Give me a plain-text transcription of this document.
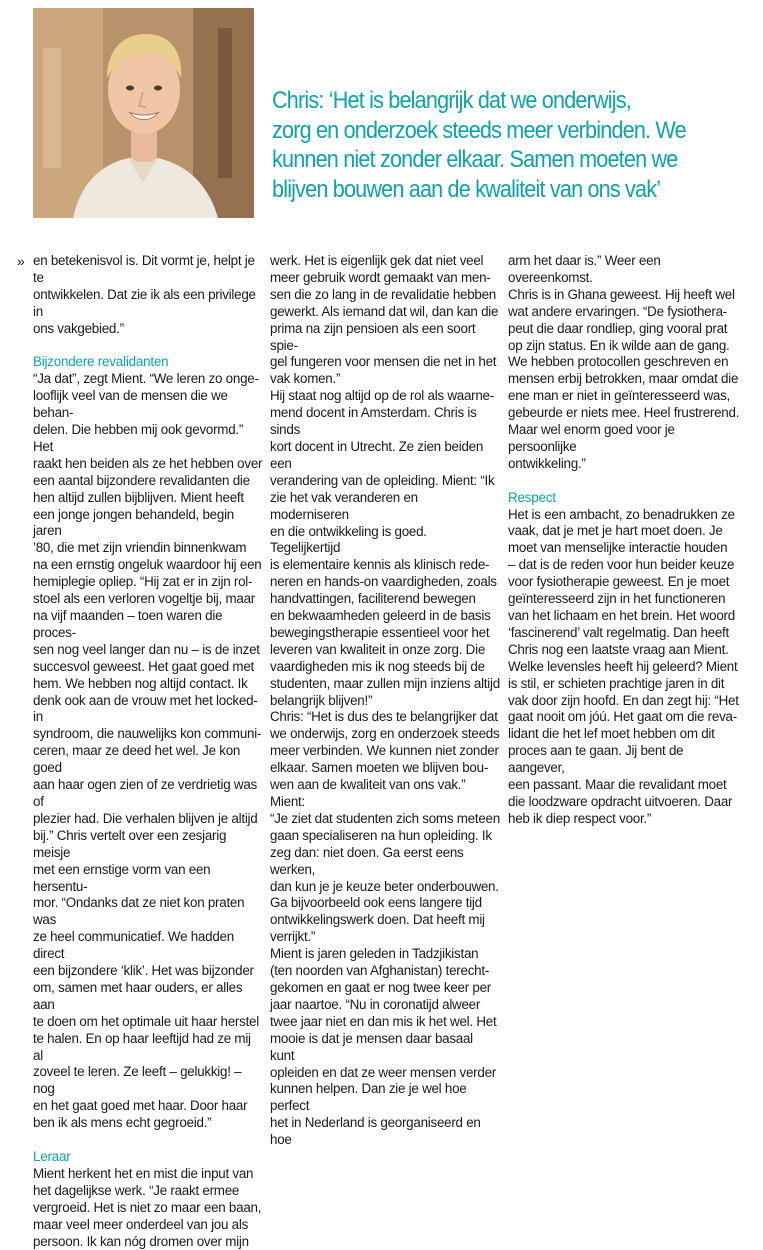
Chris: ‘Het is belangrijk dat we onderwijs,
zorg en onderzoek steeds meer verbinden. We
kunnen niet zonder elkaar. Samen moeten we
blijven bouwen aan de kwaliteit van ons vak’

» en betekenisvol is. Dit vormt je, helpt je te
ontwikkelen. Dat zie ik als een privilege in
ons vakgebied.”

Bijzondere revalidanten

“Ja dat”, zegt Mient. “We leren zo onge-
looflijk veel van de mensen die we behan-
delen. Die hebben mij ook gevormd.” Het
raakt hen beiden als ze het hebben over
een aantal bijzondere revalidanten die
hen altijd zullen bijblijven. Mient heeft
een jonge jongen behandeld, begin jaren
’80, die met zijn vriendin binnenkwam
na een ernstig ongeluk waardoor hij een
hemiplegie opliep. “Hij zat er in zijn rol-
stoel als een verloren vogeltje bij, maar
na vijf maanden – toen waren die proces-
sen nog veel langer dan nu – is de inzet
succesvol geweest. Het gaat goed met
hem. We hebben nog altijd contact. Ik
denk ook aan de vrouw met het locked-in
syndroom, die nauwelijks kon communi-
ceren, maar ze deed het wel. Je kon goed
aan haar ogen zien of ze verdrietig was of
plezier had. Die verhalen blijven je altijd
bij.” Chris vertelt over een zesjarig meisje
met een ernstige vorm van een hersentu-
mor. “Ondanks dat ze niet kon praten was
ze heel communicatief. We hadden direct
een bijzondere ‘klik’. Het was bijzonder
om, samen met haar ouders, er alles aan
te doen om het optimale uit haar herstel
te halen. En op haar leeftijd had ze mij al
zoveel te leren. Ze leeft – gelukkig! – nog
en het gaat goed met haar. Door haar
ben ik als mens echt gegroeid.”

Leraar

Mient herkent het en mist die input van
het dagelijkse werk. “Je raakt ermee
vergroeid. Het is niet zo maar een baan,
maar veel meer onderdeel van jou als
persoon. Ik kan nóg dromen over mijn

werk. Het is eigenlijk gek dat niet veel
meer gebruik wordt gemaakt van men-
sen die zo lang in de revalidatie hebben
gewerkt. Als iemand dat wil, dan kan die
prima na zijn pensioen als een soort spie-
gel fungeren voor mensen die net in het
vak komen.”
Hij staat nog altijd op de rol als waarne-
mend docent in Amsterdam. Chris is sinds
kort docent in Utrecht. Ze zien beiden een
verandering van de opleiding. Mient: “Ik
zie het vak veranderen en moderniseren
en die ontwikkeling is goed. Tegelijkertijd
is elementaire kennis als klinisch rede-
neren en hands-on vaardigheden, zoals
handvattingen, faciliterend bewegen
en bekwaamheden geleerd in de basis
bewegingstherapie essentieel voor het
leveren van kwaliteit in onze zorg. Die
vaardigheden mis ik nog steeds bij de
studenten, maar zullen mijn inziens altijd
belangrijk blijven!”
Chris: “Het is dus des te belangrijker dat
we onderwijs, zorg en onderzoek steeds
meer verbinden. We kunnen niet zonder
elkaar. Samen moeten we blijven bou-
wen aan de kwaliteit van ons vak.” Mient:
“Je ziet dat studenten zich soms meteen
gaan specialiseren na hun opleiding. Ik
zeg dan: niet doen. Ga eerst eens werken,
dan kun je je keuze beter onderbouwen.
Ga bijvoorbeeld ook eens langere tijd
ontwikkelingswerk doen. Dat heeft mij
verrijkt.”
Mient is jaren geleden in Tadzjikistan
(ten noorden van Afghanistan) terecht-
gekomen en gaat er nog twee keer per
jaar naartoe. “Nu in coronatijd alweer
twee jaar niet en dan mis ik het wel. Het
mooie is dat je mensen daar basaal kunt
opleiden en dat ze weer mensen verder
kunnen helpen. Dan zie je wel hoe perfect
het in Nederland is georganiseerd en hoe

arm het daar is.” Weer een overeenkomst.
Chris is in Ghana geweest. Hij heeft wel
wat andere ervaringen. “De fysiothera-
peut die daar rondliep, ging vooral prat
op zijn status. En ik wilde aan de gang.
We hebben protocollen geschreven en
mensen erbij betrokken, maar omdat die
ene man er niet in geïnteresseerd was,
gebeurde er niets mee. Heel frustrerend.
Maar wel enorm goed voor je persoonlijke
ontwikkeling.”

Respect

Het is een ambacht, zo benadrukken ze
vaak, dat je met je hart moet doen. Je
moet van menselijke interactie houden
– dat is de reden voor hun beider keuze
voor fysiotherapie geweest. En je moet
geïnteresseerd zijn in het functioneren
van het lichaam en het brein. Het woord
‘fascinerend’ valt regelmatig. Dan heeft
Chris nog een laatste vraag aan Mient.
Welke levensles heeft hij geleerd? Mient
is stil, er schieten prachtige jaren in dit
vak door zijn hoofd. En dan zegt hij: “Het
gaat nooit om jóú. Het gaat om die reva-
lidant die het lef moet hebben om dit
proces aan te gaan. Jij bent de aangever,
een passant. Maar die revalidant moet
die loodzware opdracht uitvoeren. Daar
heb ik diep respect voor.”
